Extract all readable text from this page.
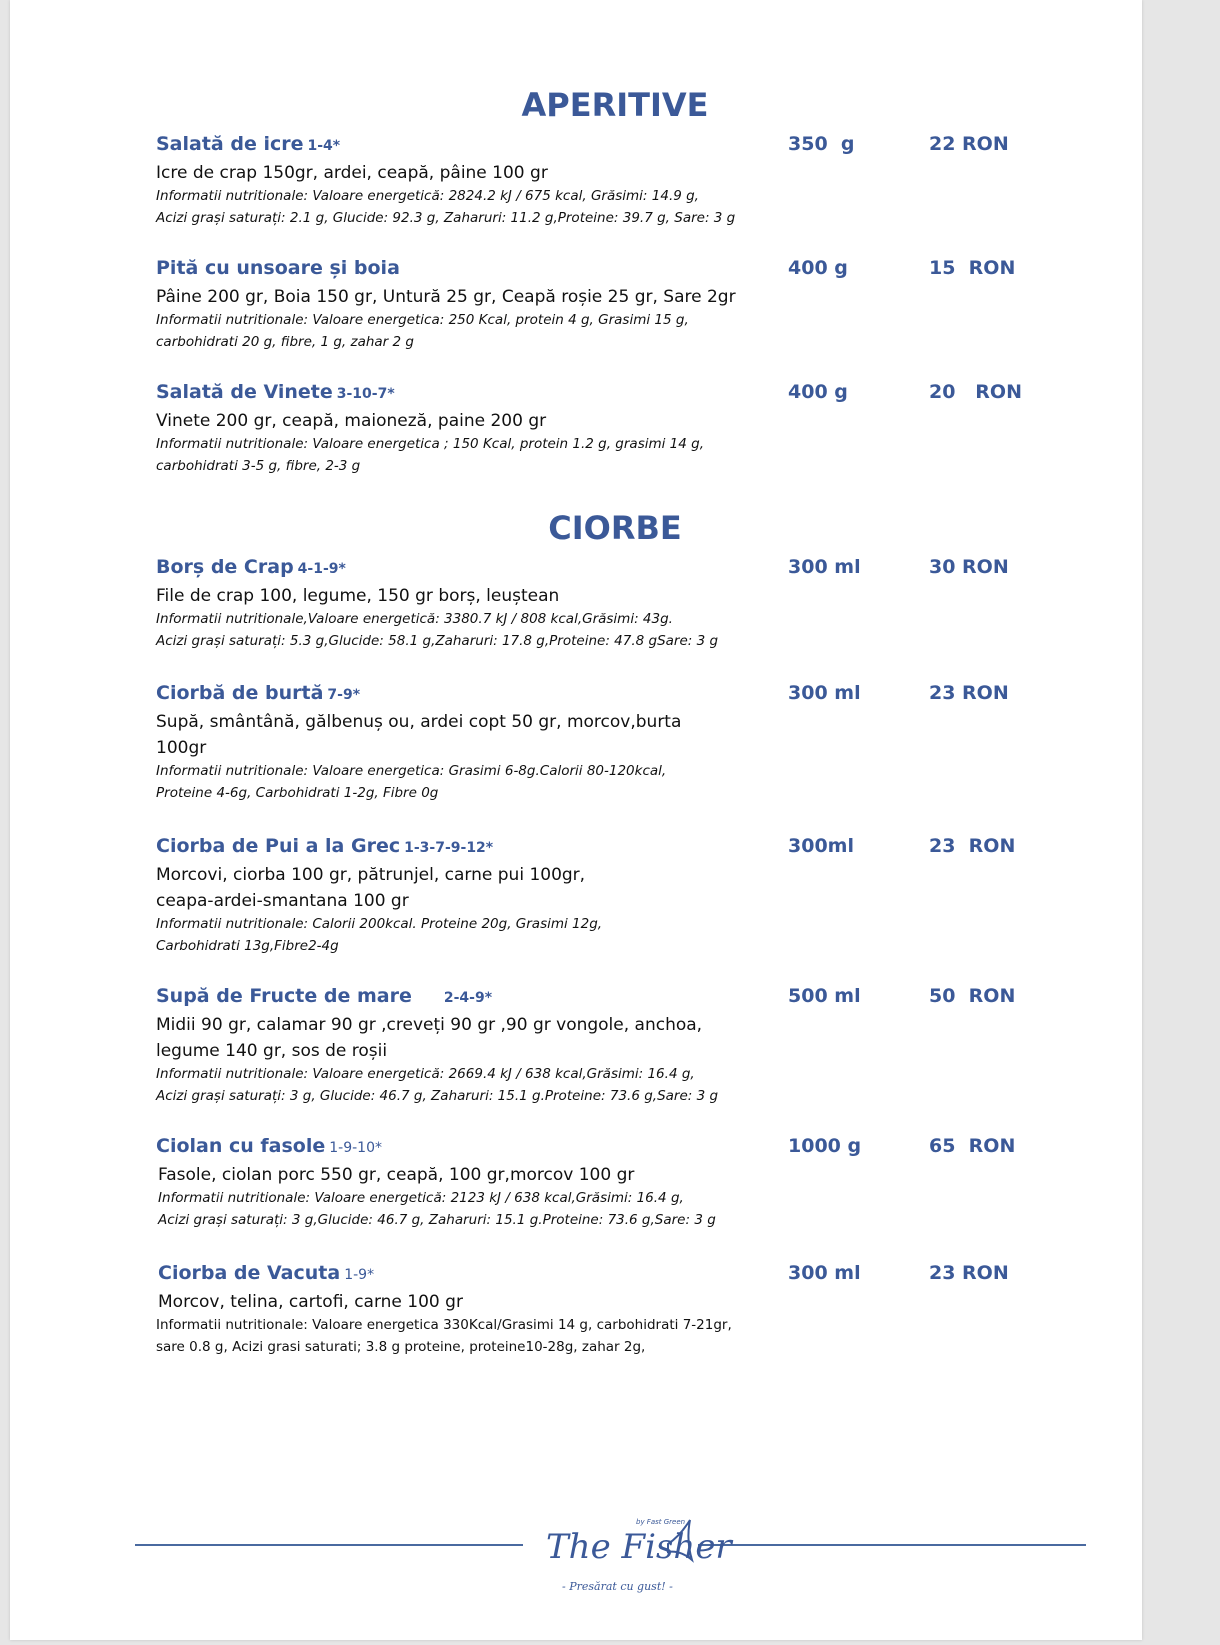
APERITIVE
Salată de icre 1-4*	350  g	22 RON
Icre de crap 150gr, ardei, ceapă, pâine 100 gr
Informatii nutritionale: Valoare energetică: 2824.2 kJ / 675 kcal, Grăsimi: 14.9 g,
Acizi grași saturați: 2.1 g, Glucide: 92.3 g, Zaharuri: 11.2 g,Proteine: 39.7 g, Sare: 3 g
Pită cu unsoare și boia	400 g	15  RON
Pâine 200 gr, Boia 150 gr, Untură 25 gr, Ceapă roșie 25 gr, Sare 2gr
Informatii nutritionale: Valoare energetica: 250 Kcal, protein 4 g, Grasimi 15 g,
carbohidrati 20 g, fibre, 1 g, zahar 2 g
Salată de Vinete 3-10-7*	400 g	20   RON
Vinete 200 gr, ceapă, maioneză, paine 200 gr
Informatii nutritionale: Valoare energetica ; 150 Kcal, protein 1.2 g, grasimi 14 g,
carbohidrati 3-5 g, fibre, 2-3 g
CIORBE
Borș de Crap 4-1-9*	300 ml	30 RON
File de crap 100, legume, 150 gr borș, leuștean
Informatii nutritionale,Valoare energetică: 3380.7 kJ / 808 kcal,Grăsimi: 43g.
Acizi grași saturați: 5.3 g,Glucide: 58.1 g,Zaharuri: 17.8 g,Proteine: 47.8 gSare: 3 g
Ciorbă de burtă 7-9*	300 ml	23 RON
Supă, smântână, gălbenuș ou, ardei copt 50 gr, morcov,burta
100gr
Informatii nutritionale: Valoare energetica: Grasimi 6-8g.Calorii 80-120kcal,
Proteine 4-6g, Carbohidrati 1-2g, Fibre 0g
Ciorba de Pui a la Grec 1-3-7-9-12*	300ml	23  RON
Morcovi, ciorba 100 gr, pătrunjel, carne pui 100gr,
ceapa-ardei-smantana 100 gr
Informatii nutritionale: Calorii 200kcal. Proteine 20g, Grasimi 12g,
Carbohidrati 13g,Fibre2-4g
Supă de Fructe de mare 2-4-9*	500 ml	50  RON
Midii 90 gr, calamar 90 gr ,creveți 90 gr ,90 gr vongole, anchoa,
legume 140 gr, sos de roșii
Informatii nutritionale: Valoare energetică: 2669.4 kJ / 638 kcal,Grăsimi: 16.4 g,
Acizi grași saturați: 3 g, Glucide: 46.7 g, Zaharuri: 15.1 g.Proteine: 73.6 g,Sare: 3 g
Ciolan cu fasole 1-9-10*	1000 g	65  RON
Fasole, ciolan porc 550 gr, ceapă, 100 gr,morcov 100 gr
Informatii nutritionale: Valoare energetică: 2123 kJ / 638 kcal,Grăsimi: 16.4 g,
Acizi grași saturați: 3 g,Glucide: 46.7 g, Zaharuri: 15.1 g.Proteine: 73.6 g,Sare: 3 g
Ciorba de Vacuta 1-9*	300 ml	23 RON
Morcov, telina, cartofi, carne 100 gr
Informatii nutritionale: Valoare energetica 330Kcal/Grasimi 14 g, carbohidrati 7-21gr,
sare 0.8 g, Acizi grasi saturati; 3.8 g proteine, proteine10-28g, zahar 2g,
The Fisher
by Fast Green
- Presărat cu gust! -
